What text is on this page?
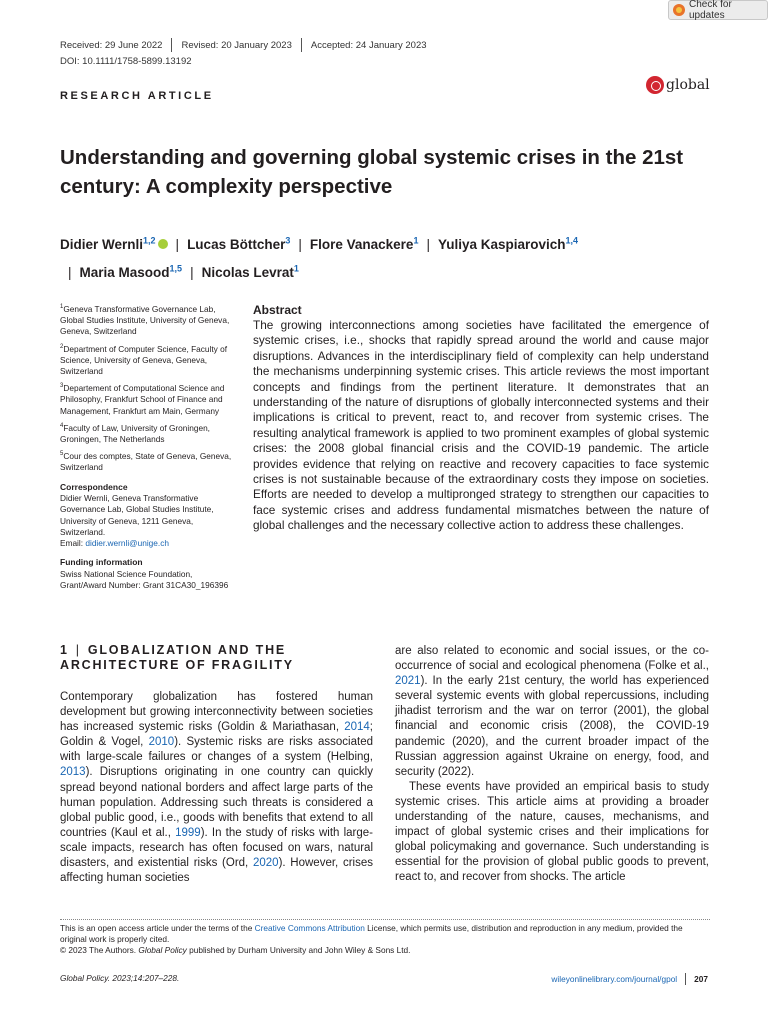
Check for updates
Received: 29 June 2022 Revised: 20 January 2023 Accepted: 24 January 2023
DOI: 10.1111/1758-5899.13192
RESEARCH ARTICLE
global
Understanding and governing global systemic crises in the 21st century: A complexity perspective
Didier Wernli$^{1,2}$ | Lucas Böttcher$^3$ | Flore Vanackere$^1$ | Yuliya Kaspiarovich$^{1,4}$
| Maria Masood$^{1,5}$ | Nicolas Levrat$^1$
$^1$Geneva Transformative Governance Lab, Global Studies Institute, University of Geneva, Geneva, Switzerland
$^2$Department of Computer Science, Faculty of Science, University of Geneva, Geneva, Switzerland
$^3$Departement of Computational Science and Philosophy, Frankfurt School of Finance and Management, Frankfurt am Main, Germany
$^4$Faculty of Law, University of Groningen, Groningen, The Netherlands
$^5$Cour des comptes, State of Geneva, Geneva, Switzerland
Correspondence
Didier Wernli, Geneva Transformative Governance Lab, Global Studies Institute, University of Geneva, 1211 Geneva, Switzerland.
Email: didier.wernli@unige.ch
Funding information
Swiss National Science Foundation, Grant/Award Number: Grant 31CA30_196396
Abstract
The growing interconnections among societies have facilitated the emergence of systemic crises, i.e., shocks that rapidly spread around the world and cause major disruptions. Advances in the interdisciplinary field of complexity can help understand the mechanisms underpinning systemic crises. This article reviews the most important concepts and findings from the pertinent literature. It demonstrates that an understanding of the nature of disruptions of globally interconnected systems and their implications is critical to prevent, react to, and recover from systemic crises. The resulting analytical framework is applied to two prominent examples of global systemic crises: the 2008 global financial crisis and the COVID-19 pandemic. The article provides evidence that relying on reactive and recovery capacities to face systemic crises is not sustainable because of the extraordinary costs they impose on societies. Efforts are needed to develop a multipronged strategy to strengthen our capacities to face systemic crises and address fundamental mismatches between the nature of global challenges and the necessary collective action to address these challenges.
1 | GLOBALIZATION AND THE ARCHITECTURE OF FRAGILITY

Contemporary globalization has fostered human development but growing interconnectivity between societies has increased systemic risks (Goldin & Mariathasan, 2014; Goldin & Vogel, 2010). Systemic risks are risks associated with large-scale failures or changes of a system (Helbing, 2013). Disruptions originating in one country can quickly spread beyond national borders and affect large parts of the human population. Addressing such threats is considered a global public good, i.e., goods with benefits that extend to all countries (Kaul et al., 1999). In the study of risks with large-scale impacts, research has often focused on wars, natural disasters, and existential risks (Ord, 2020). However, crises affecting human societies

are also related to economic and social issues, or the co-occurrence of social and ecological phenomena (Folke et al., 2021). In the early 21st century, the world has experienced several systemic events with global repercussions, including jihadist terrorism and the war on terror (2001), the global financial and economic crisis (2008), the COVID-19 pandemic (2020), and the current broader impact of the Russian aggression against Ukraine on energy, food, and security (2022).

These events have provided an empirical basis to study systemic crises. This article aims at providing a broader understanding of the nature, causes, mechanisms, and impact of global systemic crises and their implications for global policymaking and governance. Such understanding is essential for the provision of global public goods to prevent, react to, and recover from shocks. The article

This is an open access article under the terms of the Creative Commons Attribution License, which permits use, distribution and reproduction in any medium, provided the original work is properly cited.
© 2023 The Authors. Global Policy published by Durham University and John Wiley & Sons Ltd.
Global Policy. 2023;14:207–228.	wileyonlinelibrary.com/journal/gpol 207
